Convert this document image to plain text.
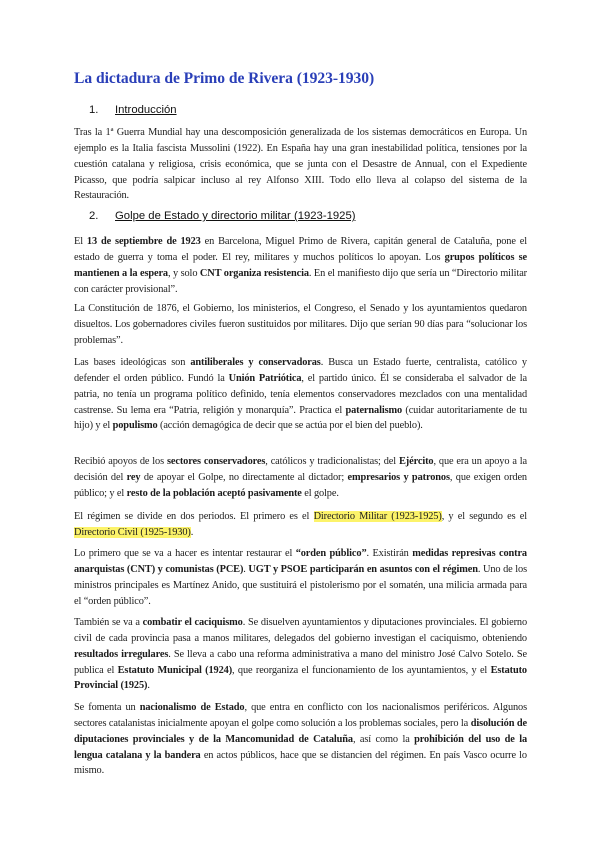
La dictadura de Primo de Rivera (1923-1930)
1. Introducción

Tras la 1ª Guerra Mundial hay una descomposición generalizada de los sistemas democráticos en Europa. Un ejemplo es la Italia fascista Mussolini (1922). En España hay una gran inestabilidad política, tensiones por la cuestión catalana y religiosa, crisis económica, que se junta con el Desastre de Annual, con el Expediente Picasso, que podría salpicar incluso al rey Alfonso XIII. Todo ello lleva al colapso del sistema de la Restauración.

2. Golpe de Estado y directorio militar (1923-1925)

El 13 de septiembre de 1923 en Barcelona, Miguel Primo de Rivera, capitán general de Cataluña, pone el estado de guerra y toma el poder. El rey, militares y muchos políticos lo apoyan. Los grupos políticos se mantienen a la espera, y solo CNT organiza resistencia. En el manifiesto dijo que sería un “Directorio militar con carácter provisional”.

La Constitución de 1876, el Gobierno, los ministerios, el Congreso, el Senado y los ayuntamientos quedaron disueltos. Los gobernadores civiles fueron sustituidos por militares. Dijo que serían 90 días para “solucionar los problemas”.

Las bases ideológicas son antiliberales y conservadoras. Busca un Estado fuerte, centralista, católico y defender el orden público. Fundó la Unión Patriótica, el partido único. Él se consideraba el salvador de la patria, no tenía un programa político definido, tenía elementos conservadores mezclados con una mentalidad castrense. Su lema era “Patria, religión y monarquía”. Practica el paternalismo (cuidar autoritariamente de tu hijo) y el populismo (acción demagógica de decir que se actúa por el bien del pueblo).

Recibió apoyos de los sectores conservadores, católicos y tradicionalistas; del Ejército, que era un apoyo a la decisión del rey de apoyar el Golpe, no directamente al dictador; empresarios y patronos, que exigen orden público; y el resto de la población aceptó pasivamente el golpe.

El régimen se divide en dos periodos. El primero es el Directorio Militar (1923-1925), y el segundo es el Directorio Civil (1925-1930).

Lo primero que se va a hacer es intentar restaurar el “orden público”. Existirán medidas represivas contra anarquistas (CNT) y comunistas (PCE). UGT y PSOE participarán en asuntos con el régimen. Uno de los ministros principales es Martínez Anido, que sustituirá el pistolerismo por el somatén, una milicia armada para el “orden público”.

También se va a combatir el caciquismo. Se disuelven ayuntamientos y diputaciones provinciales. El gobierno civil de cada provincia pasa a manos militares, delegados del gobierno investigan el caciquismo, obteniendo resultados irregulares. Se lleva a cabo una reforma administrativa a mano del ministro José Calvo Sotelo. Se publica el Estatuto Municipal (1924), que reorganiza el funcionamiento de los ayuntamientos, y el Estatuto Provincial (1925).

Se fomenta un nacionalismo de Estado, que entra en conflicto con los nacionalismos periféricos. Algunos sectores catalanistas inicialmente apoyan el golpe como solución a los problemas sociales, pero la disolución de diputaciones provinciales y de la Mancomunidad de Cataluña, así como la prohibición del uso de la lengua catalana y la bandera en actos públicos, hace que se distancien del régimen. En país Vasco ocurre lo mismo.
